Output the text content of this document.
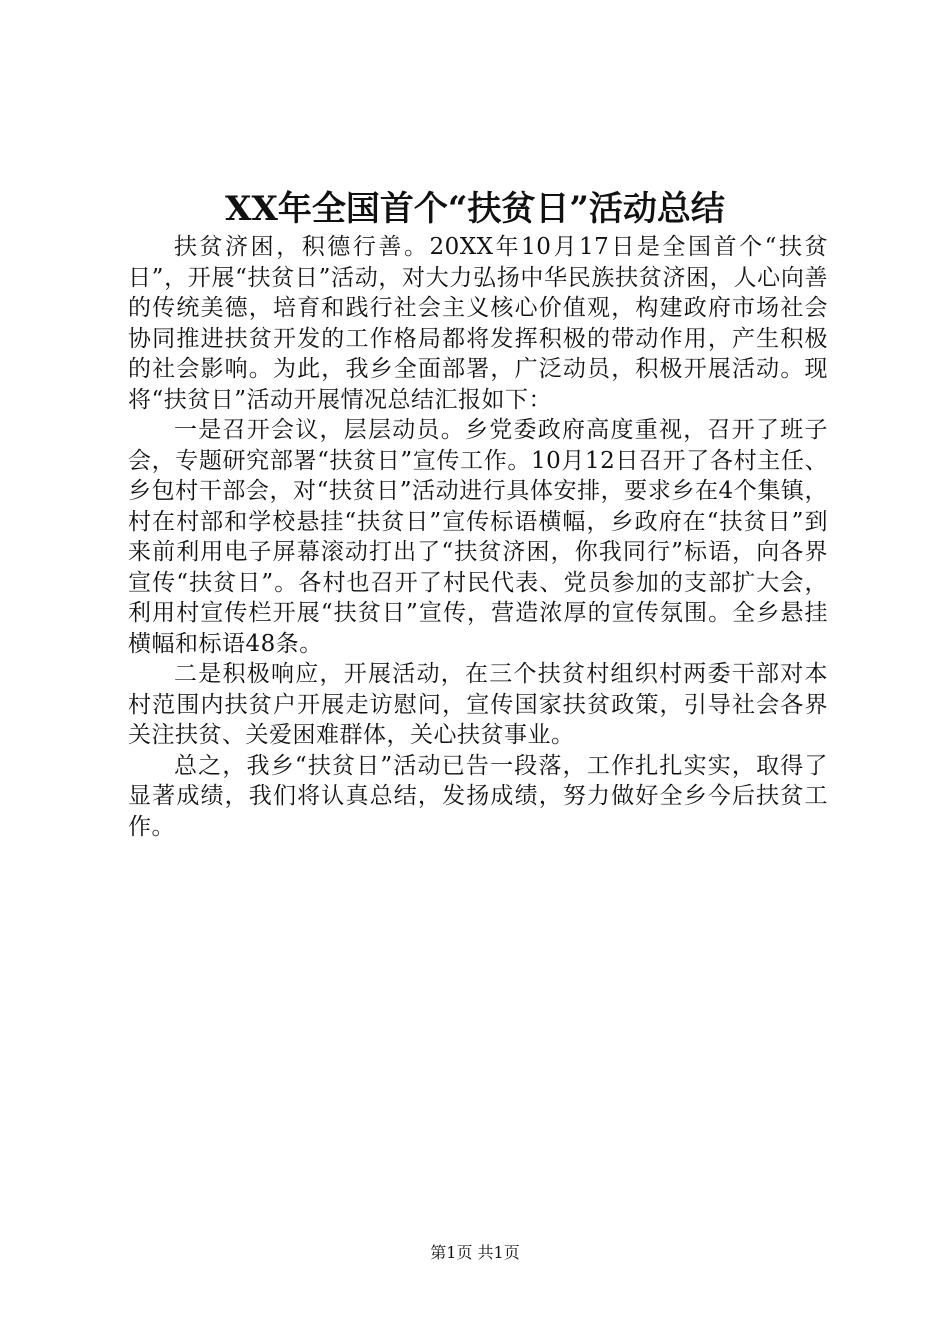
XX年全国首个“扶贫日”活动总结

扶贫济困，积德行善。20XX年10月17日是全国首个“扶贫日”，开展“扶贫日”活动，对大力弘扬中华民族扶贫济困，人心向善的传统美德，培育和践行社会主义核心价值观，构建政府市场社会协同推进扶贫开发的工作格局都将发挥积极的带动作用，产生积极的社会影响。为此，我乡全面部署，广泛动员，积极开展活动。现将“扶贫日”活动开展情况总结汇报如下：

一是召开会议，层层动员。乡党委政府高度重视，召开了班子会，专题研究部署“扶贫日”宣传工作。10月12日召开了各村主任、乡包村干部会，对“扶贫日”活动进行具体安排，要求乡在4个集镇，村在村部和学校悬挂“扶贫日”宣传标语横幅，乡政府在“扶贫日”到来前利用电子屏幕滚动打出了“扶贫济困，你我同行”标语，向各界宣传“扶贫日”。各村也召开了村民代表、党员参加的支部扩大会，利用村宣传栏开展“扶贫日”宣传，营造浓厚的宣传氛围。全乡悬挂横幅和标语48条。

二是积极响应，开展活动，在三个扶贫村组织村两委干部对本村范围内扶贫户开展走访慰问，宣传国家扶贫政策，引导社会各界关注扶贫、关爱困难群体，关心扶贫事业。

总之，我乡“扶贫日”活动已告一段落，工作扎扎实实，取得了显著成绩，我们将认真总结，发扬成绩，努力做好全乡今后扶贫工作。

第1页 共1页
